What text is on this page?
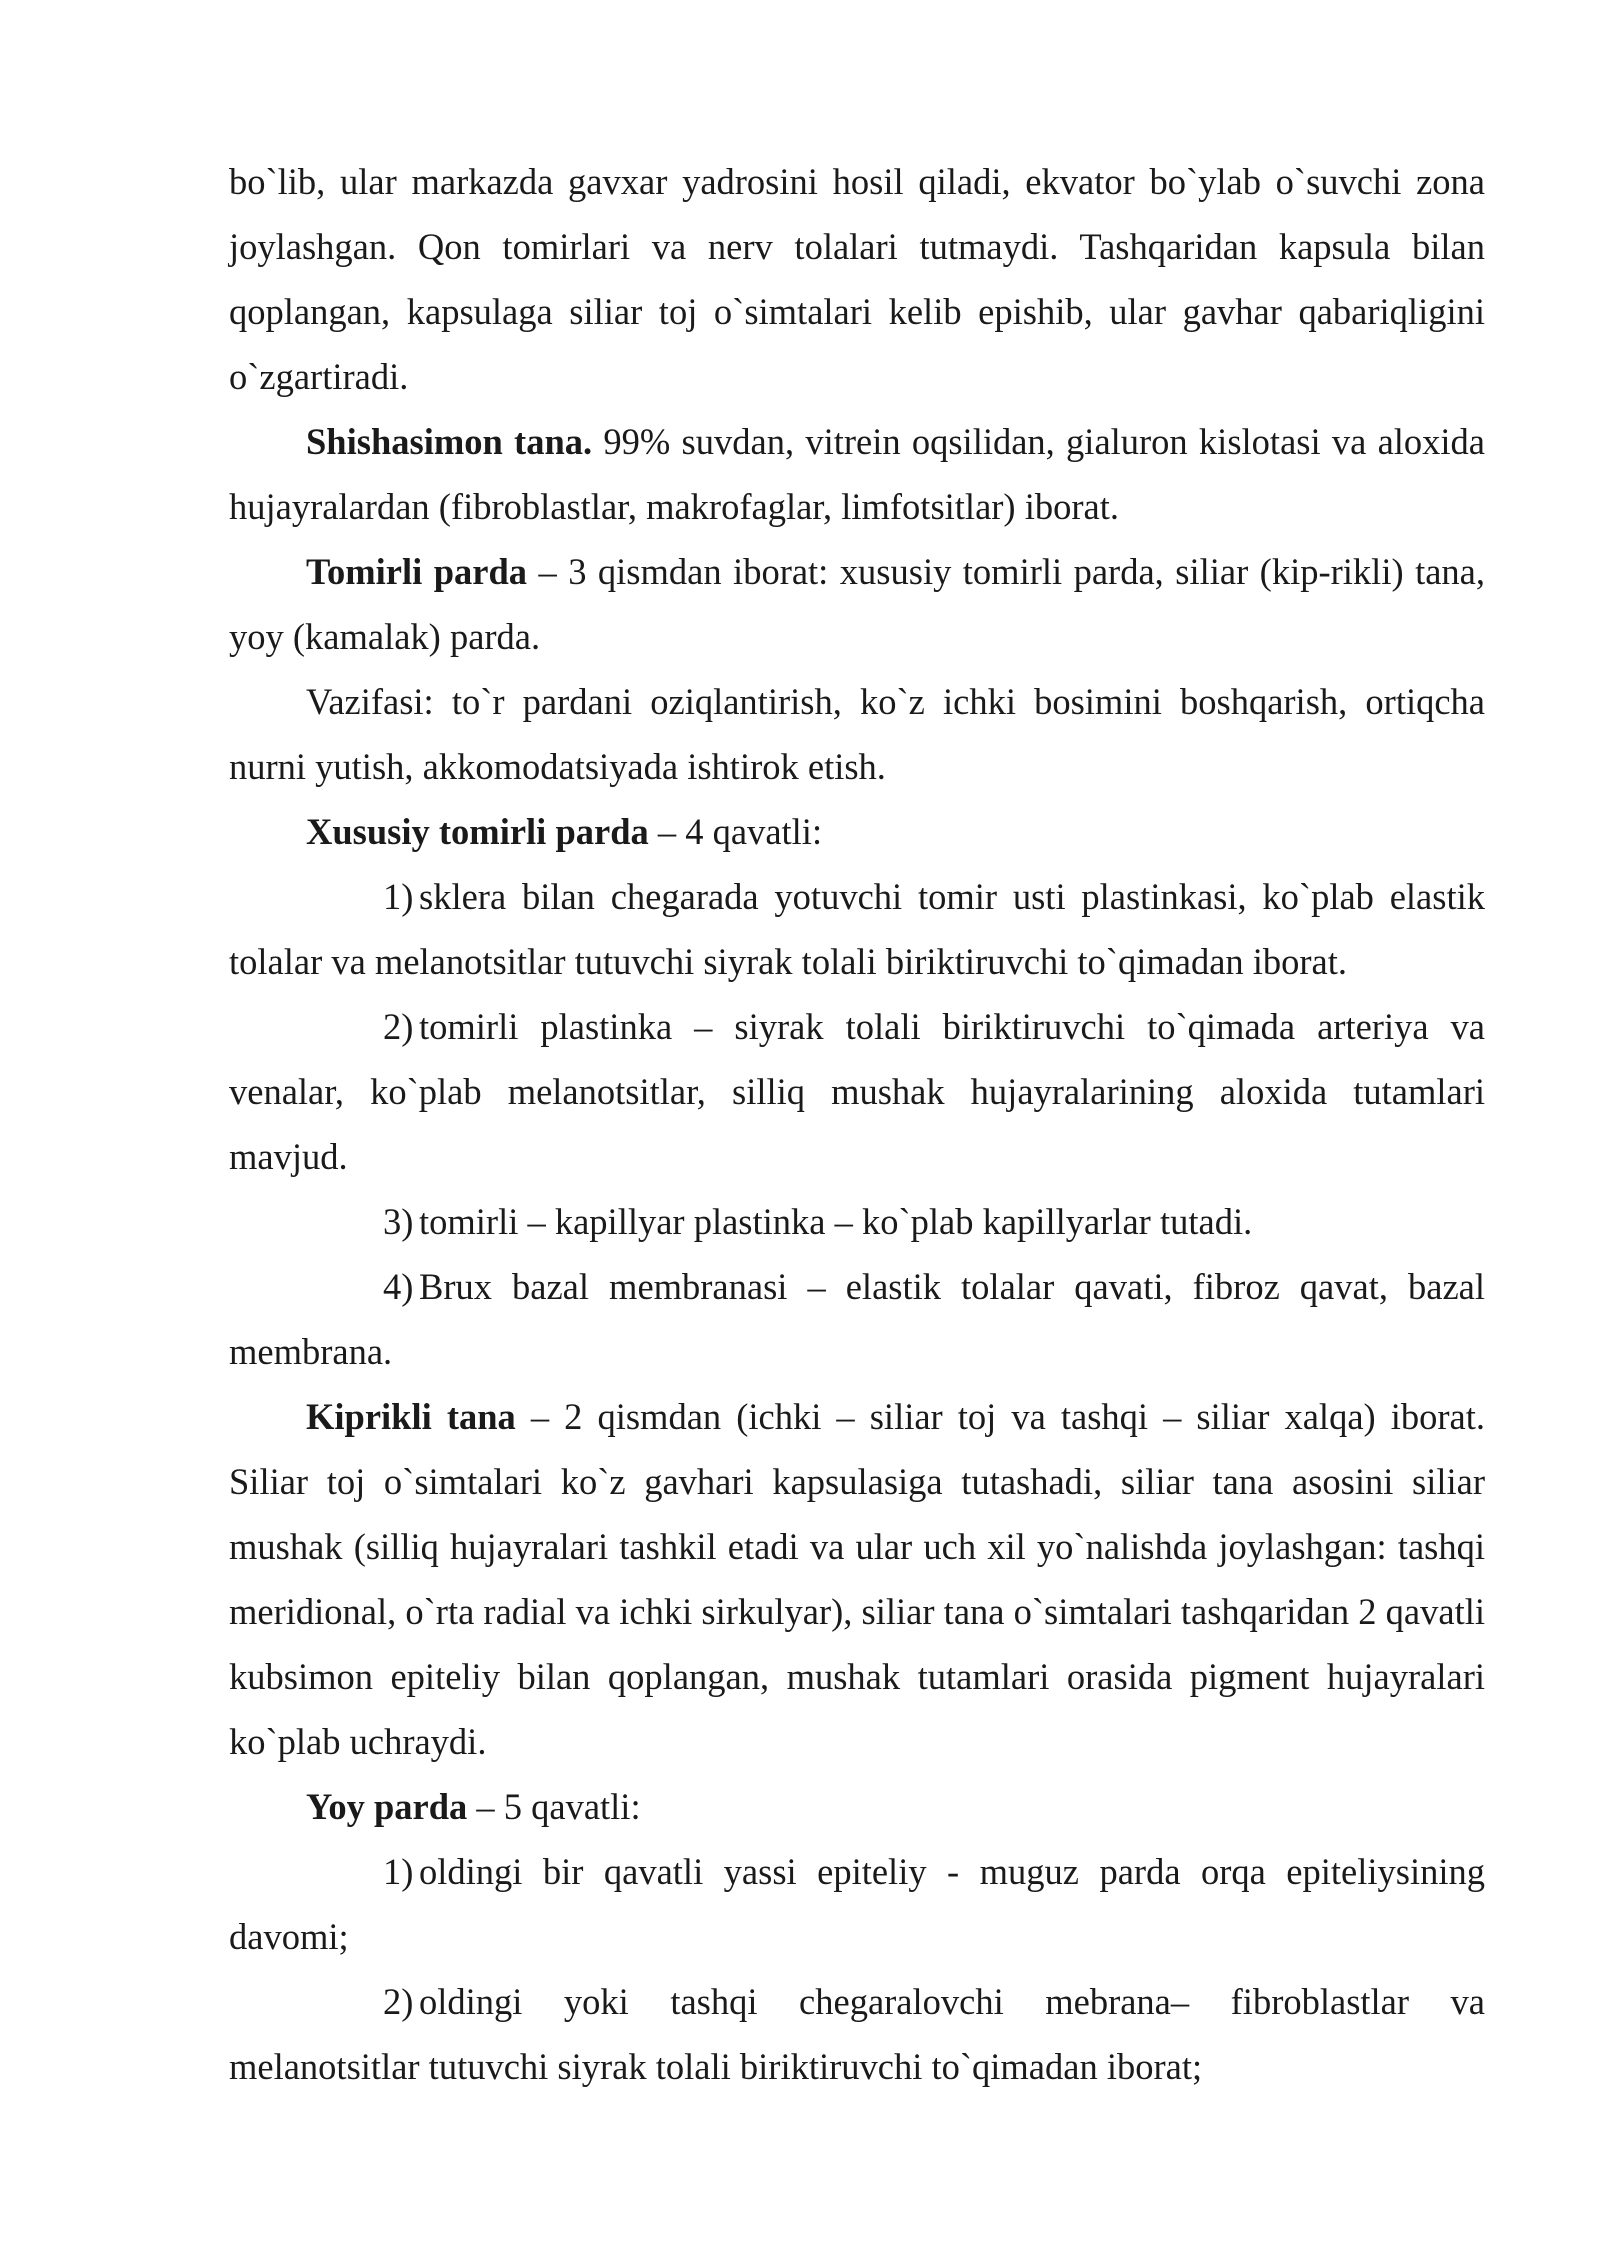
bo`lib, ular markazda gavxar yadrosini hosil qiladi, ekvator bo`ylab o`suvchi zona joylashgan. Qon tomirlari va nerv tolalari tutmaydi. Tashqaridan kapsula bilan qoplangan, kapsulaga siliar toj o`simtalari kelib epishib, ular gavhar qabariqligini o`zgartiradi.

Shishasimon tana. 99% suvdan, vitrein oqsilidan, gialuron kislotasi va aloxida hujayralardan (fibroblastlar, makrofaglar, limfotsitlar) iborat.

Tomirli parda – 3 qismdan iborat: xususiy tomirli parda, siliar (kip-rikli) tana, yoy (kamalak) parda.

Vazifasi: to`r pardani oziqlantirish, ko`z ichki bosimini boshqarish, ortiqcha nurni yutish, akkomodatsiyada ishtirok etish.

Xususiy tomirli parda – 4 qavatli:

1) sklera bilan chegarada yotuvchi tomir usti plastinkasi, ko`plab elastik tolalar va melanotsitlar tutuvchi siyrak tolali biriktiruvchi to`qimadan iborat.

2) tomirli plastinka – siyrak tolali biriktiruvchi to`qimada arteriya va venalar, ko`plab melanotsitlar, silliq mushak hujayralarining aloxida tutamlari mavjud.

3) tomirli – kapillyar plastinka – ko`plab kapillyarlar tutadi.

4) Brux bazal membranasi – elastik tolalar qavati, fibroz qavat, bazal membrana.

Kiprikli tana – 2 qismdan (ichki – siliar toj va tashqi – siliar xalqa) iborat. Siliar toj o`simtalari ko`z gavhari kapsulasiga tutashadi, siliar tana asosini siliar mushak (silliq hujayralari tashkil etadi va ular uch xil yo`nalishda joylashgan: tashqi meridional, o`rta radial va ichki sirkulyar), siliar tana o`simtalari tashqaridan 2 qavatli kubsimon epiteliy bilan qoplangan, mushak tutamlari orasida pigment hujayralari ko`plab uchraydi.

Yoy parda – 5 qavatli:

1) oldingi bir qavatli yassi epiteliy - muguz parda orqa epiteliysining davomi;

2) oldingi yoki tashqi chegaralovchi mebrana– fibroblastlar va melanotsitlar tutuvchi siyrak tolali biriktiruvchi to`qimadan iborat;
